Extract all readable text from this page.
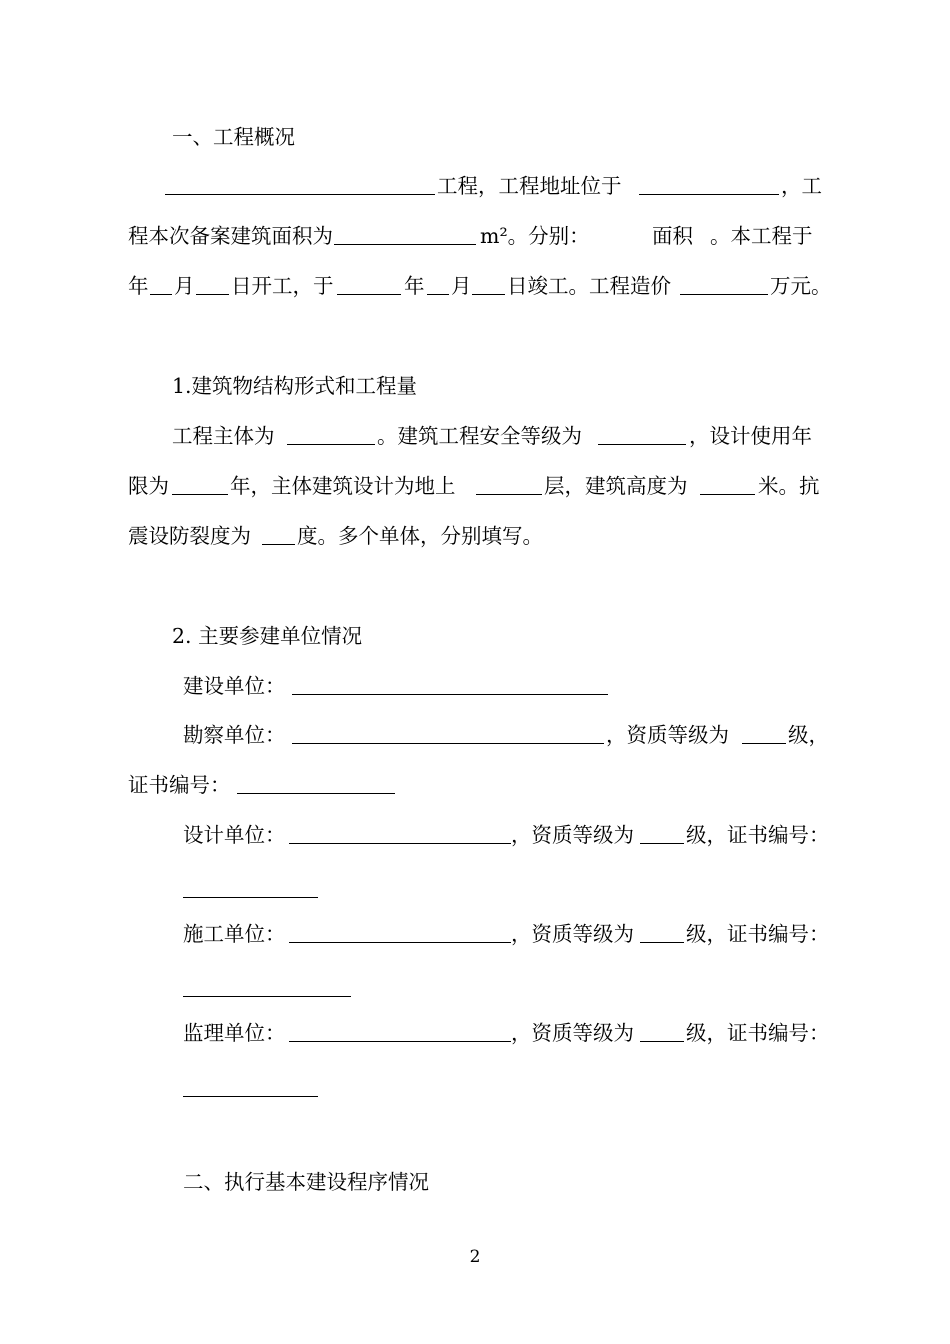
一、工程概况

工程，工程地址位于

	，工

程本次备案建筑面积为

	m²。分别：

	面积

。本工程于

年

月

日开工，于

	年

月

日竣工。工程造价

	万元。

1.建筑物结构形式和工程量

工程主体为

	。建筑工程安全等级为

	，设计使用年

限为

	年，主体建筑设计为地上

	层，建筑高度为

	米。抗

震设防裂度为

度。多个单体，分别填写。

2. 主要参建单位情况

建设单位：

勘察单位：

	，资质等级为

	级，

证书编号：

设计单位：

	，资质等级为

	级，证书编号：

施工单位：

	，资质等级为

	级，证书编号：

监理单位：

	，资质等级为

	级，证书编号：

二、执行基本建设程序情况
2
